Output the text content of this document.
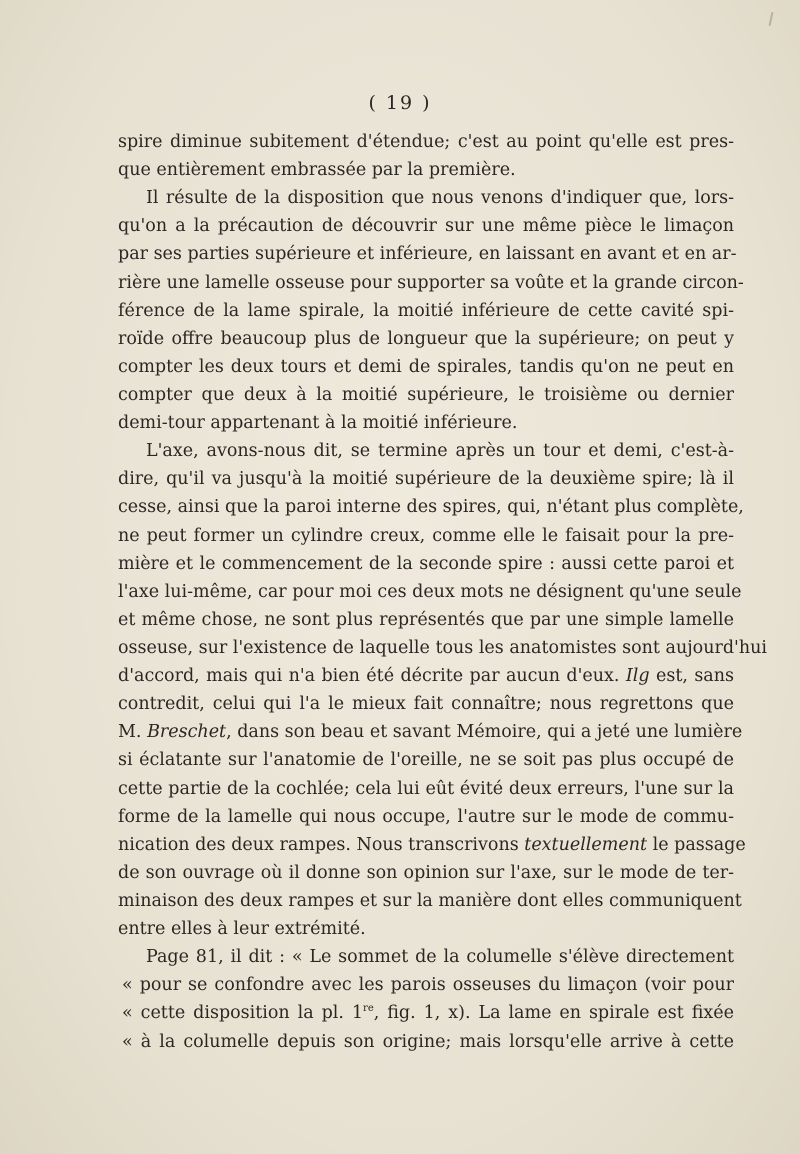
( 19 )
spire diminue subitement d'étendue; c'est au point qu'elle est pres-
que entièrement embrassée par la première.
Il résulte de la disposition que nous venons d'indiquer que, lors-
qu'on a la précaution de découvrir sur une même pièce le limaçon
par ses parties supérieure et inférieure, en laissant en avant et en ar-
rière une lamelle osseuse pour supporter sa voûte et la grande circon-
férence de la lame spirale, la moitié inférieure de cette cavité spi-
roïde offre beaucoup plus de longueur que la supérieure; on peut y
compter les deux tours et demi de spirales, tandis qu'on ne peut en
compter que deux à la moitié supérieure, le troisième ou dernier
demi-tour appartenant à la moitié inférieure.
L'axe, avons-nous dit, se termine après un tour et demi, c'est-à-
dire, qu'il va jusqu'à la moitié supérieure de la deuxième spire; là il
cesse, ainsi que la paroi interne des spires, qui, n'étant plus complète,
ne peut former un cylindre creux, comme elle le faisait pour la pre-
mière et le commencement de la seconde spire : aussi cette paroi et
l'axe lui-même, car pour moi ces deux mots ne désignent qu'une seule
et même chose, ne sont plus représentés que par une simple lamelle
osseuse, sur l'existence de laquelle tous les anatomistes sont aujourd'hui
d'accord, mais qui n'a bien été décrite par aucun d'eux. Ilg est, sans
contredit, celui qui l'a le mieux fait connaître; nous regrettons que
M. Breschet, dans son beau et savant Mémoire, qui a jeté une lumière
si éclatante sur l'anatomie de l'oreille, ne se soit pas plus occupé de
cette partie de la cochlée; cela lui eût évité deux erreurs, l'une sur la
forme de la lamelle qui nous occupe, l'autre sur le mode de commu-
nication des deux rampes. Nous transcrivons textuellement le passage
de son ouvrage où il donne son opinion sur l'axe, sur le mode de ter-
minaison des deux rampes et sur la manière dont elles communiquent
entre elles à leur extrémité.
Page 81, il dit : « Le sommet de la columelle s'élève directement
« pour se confondre avec les parois osseuses du limaçon (voir pour
« cette disposition la pl. 1re, fig. 1, x). La lame en spirale est fixée
« à la columelle depuis son origine; mais lorsqu'elle arrive à cette
